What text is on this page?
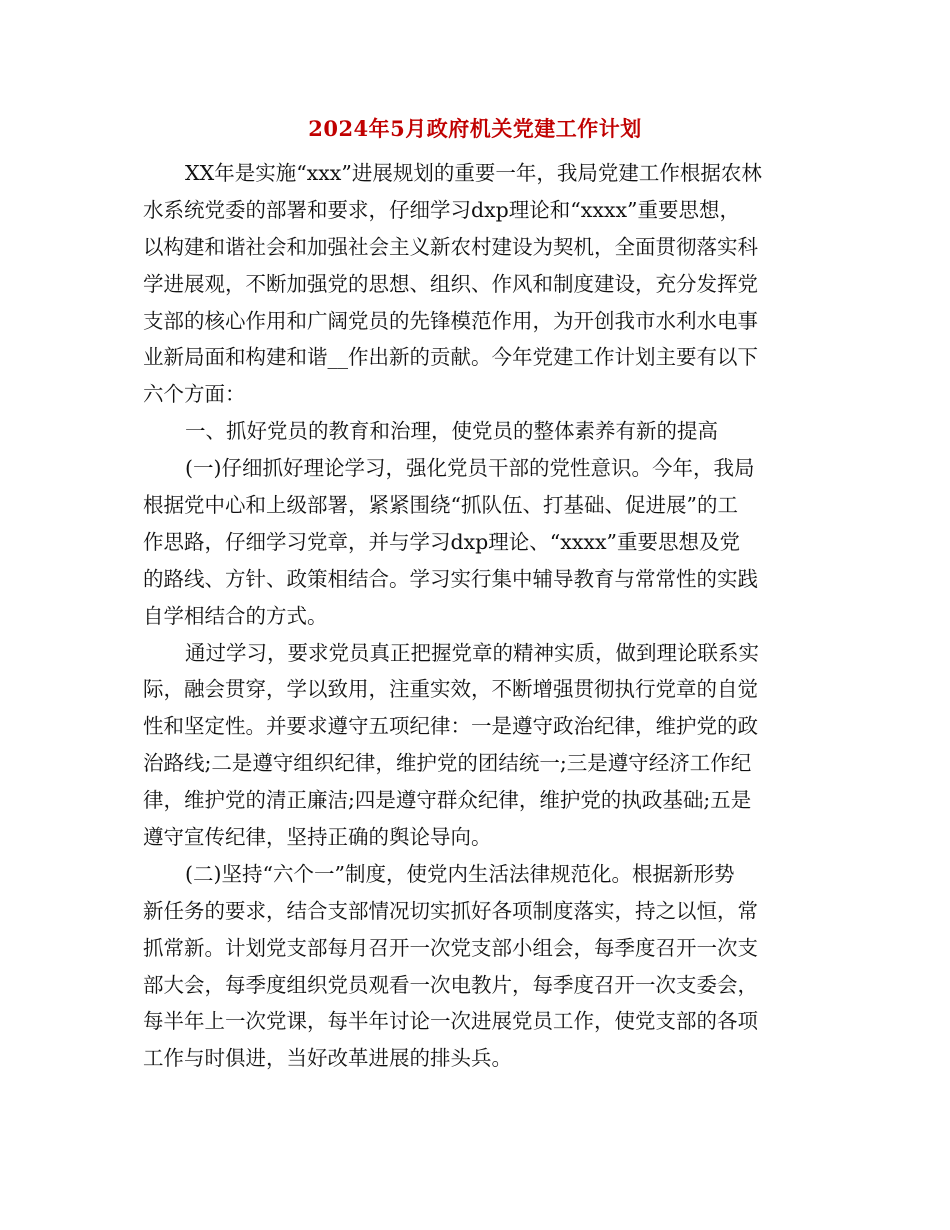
2024年5月政府机关党建工作计划
XX年是实施“xxx”进展规划的重要一年，我局党建工作根据农林
水系统党委的部署和要求，仔细学习dxp理论和“xxxx”重要思想，
以构建和谐社会和加强社会主义新农村建设为契机，全面贯彻落实科
学进展观，不断加强党的思想、组织、作风和制度建设，充分发挥党
支部的核心作用和广阔党员的先锋模范作用，为开创我市水利水电事
业新局面和构建和谐__作出新的贡献。今年党建工作计划主要有以下
六个方面：
一、抓好党员的教育和治理，使党员的整体素养有新的提高
(一)仔细抓好理论学习，强化党员干部的党性意识。今年，我局
根据党中心和上级部署，紧紧围绕“抓队伍、打基础、促进展”的工
作思路，仔细学习党章，并与学习dxp理论、“xxxx”重要思想及党
的路线、方针、政策相结合。学习实行集中辅导教育与常常性的实践
自学相结合的方式。
通过学习，要求党员真正把握党章的精神实质，做到理论联系实
际，融会贯穿，学以致用，注重实效，不断增强贯彻执行党章的自觉
性和坚定性。并要求遵守五项纪律：一是遵守政治纪律，维护党的政
治路线;二是遵守组织纪律，维护党的团结统一;三是遵守经济工作纪
律，维护党的清正廉洁;四是遵守群众纪律，维护党的执政基础;五是
遵守宣传纪律，坚持正确的舆论导向。
(二)坚持“六个一”制度，使党内生活法律规范化。根据新形势
新任务的要求，结合支部情况切实抓好各项制度落实，持之以恒，常
抓常新。计划党支部每月召开一次党支部小组会，每季度召开一次支
部大会，每季度组织党员观看一次电教片，每季度召开一次支委会，
每半年上一次党课，每半年讨论一次进展党员工作，使党支部的各项
工作与时俱进，当好改革进展的排头兵。
